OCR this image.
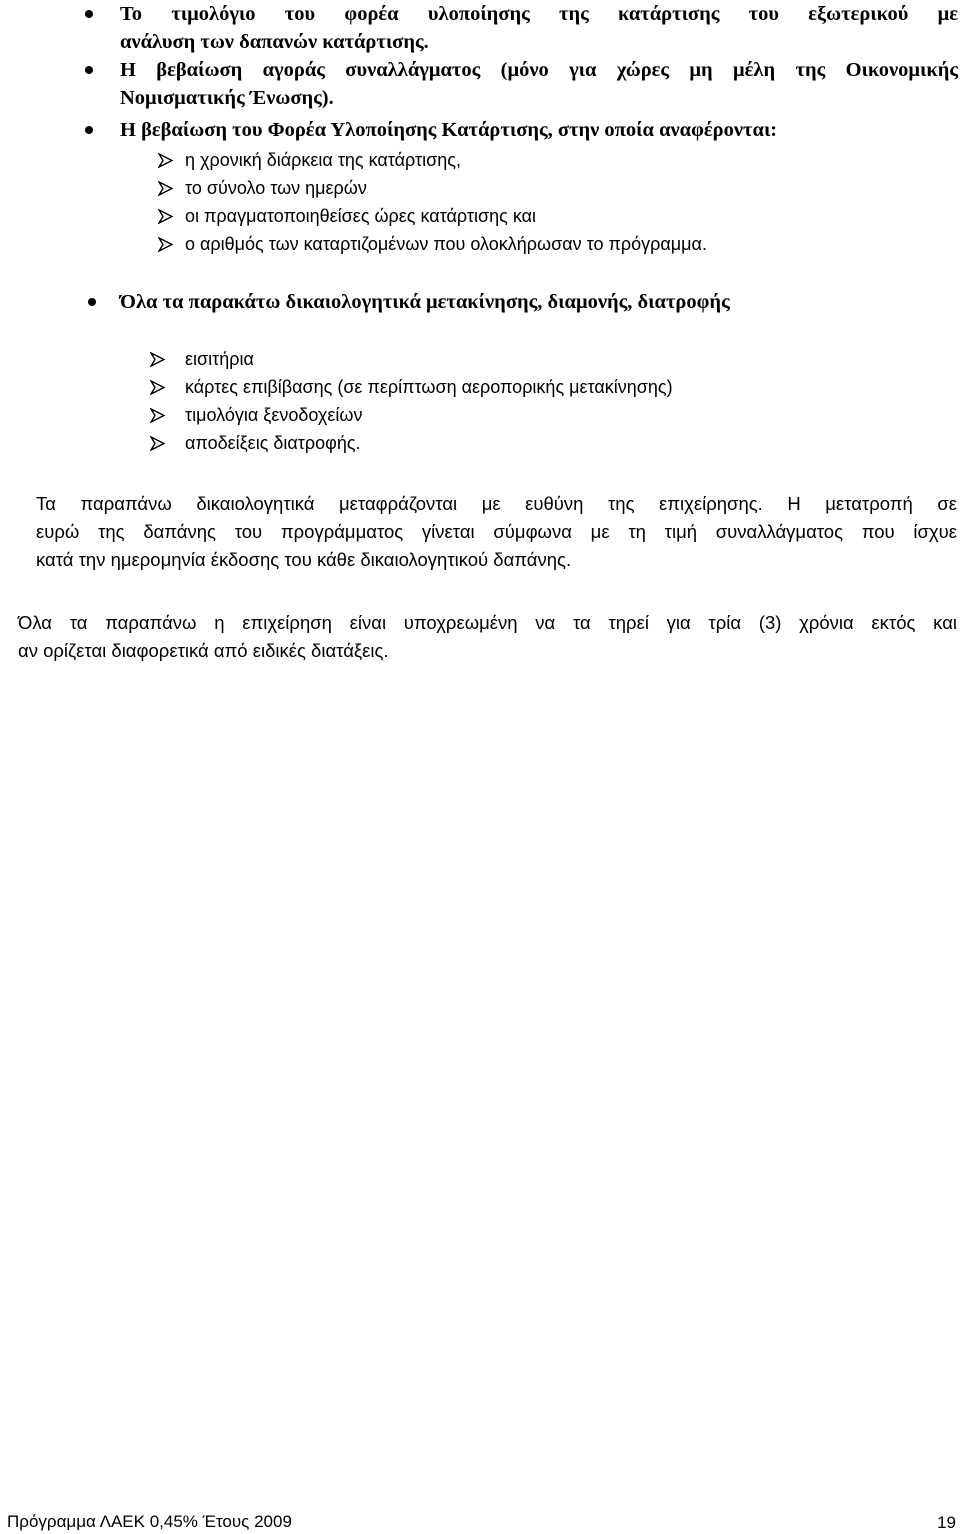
Το τιμολόγιο του φορέα υλοποίησης της κατάρτισης του εξωτερικού με
ανάλυση των δαπανών κατάρτισης.
Η βεβαίωση αγοράς συναλλάγματος (μόνο για χώρες μη μέλη της Οικονομικής
Νομισματικής Ένωσης).
Η βεβαίωση του Φορέα Υλοποίησης Κατάρτισης, στην οποία αναφέρονται:
η χρονική διάρκεια της κατάρτισης,
το σύνολο των ημερών
οι πραγματοποιηθείσες ώρες κατάρτισης και
ο αριθμός των καταρτιζομένων που ολοκλήρωσαν το πρόγραμμα.
Όλα τα παρακάτω δικαιολογητικά μετακίνησης, διαμονής, διατροφής
εισιτήρια
κάρτες επιβίβασης (σε περίπτωση αεροπορικής μετακίνησης)
τιμολόγια ξενοδοχείων
αποδείξεις διατροφής.
Τα παραπάνω δικαιολογητικά μεταφράζονται με ευθύνη της επιχείρησης. Η μετατροπή σε
ευρώ της δαπάνης του προγράμματος γίνεται σύμφωνα με τη τιμή συναλλάγματος που ίσχυε
κατά την ημερομηνία έκδοσης του κάθε δικαιολογητικού δαπάνης.
Όλα τα παραπάνω η επιχείρηση είναι υποχρεωμένη να τα τηρεί για τρία (3) χρόνια εκτός και
αν ορίζεται διαφορετικά από ειδικές διατάξεις.
Πρόγραμμα ΛΑΕΚ 0,45% Έτους 2009	19
